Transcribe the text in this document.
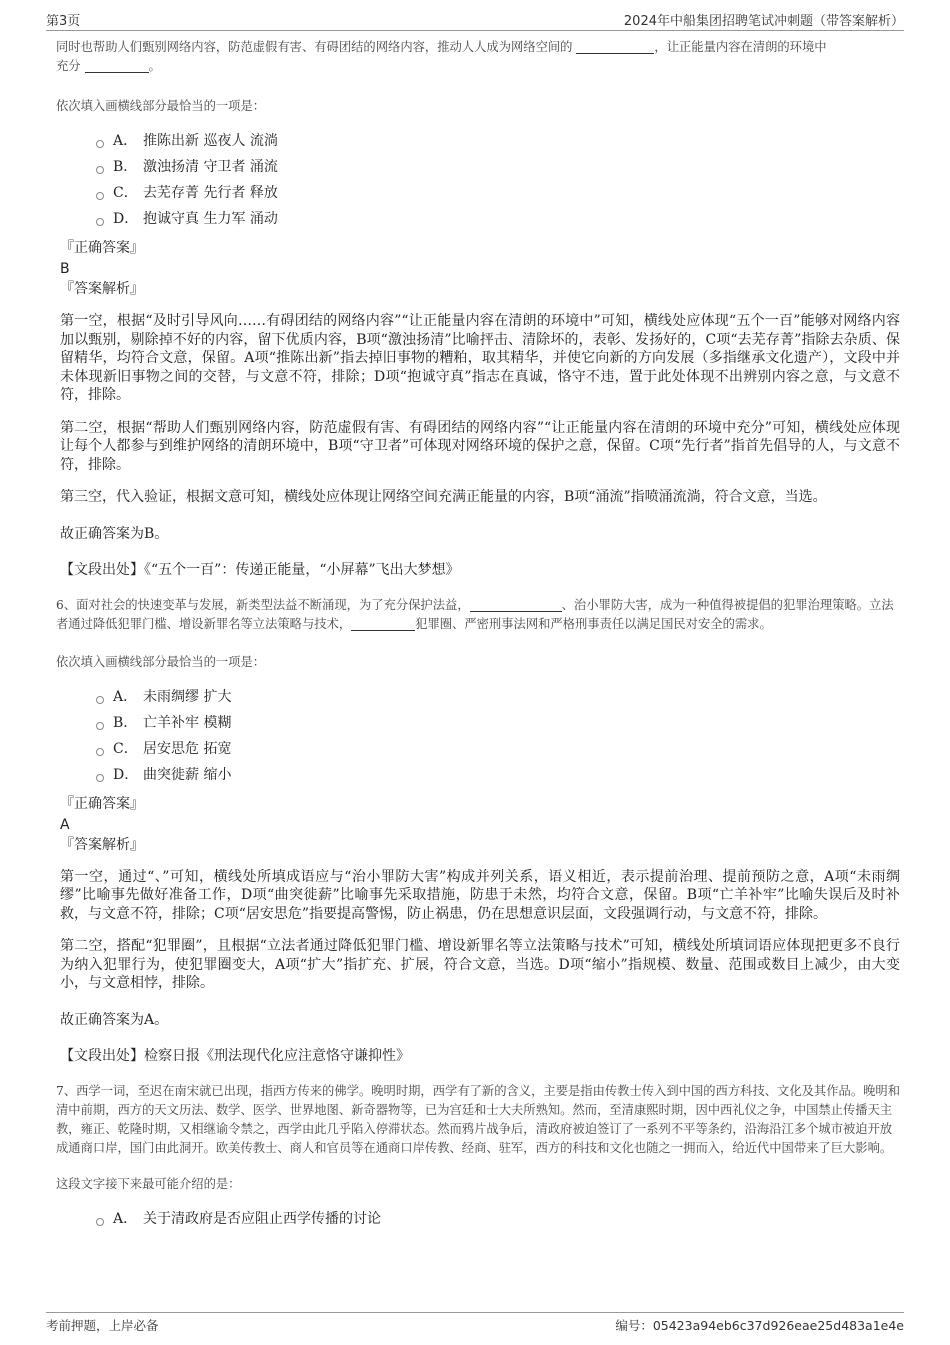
第3页	2024年中船集团招聘笔试冲刺题（带答案解析）

同时也帮助人们甄别网络内容，防范虚假有害、有碍团结的网络内容，推动人人成为网络空间的	，让正能量内容在清朗的环境中
充分	。

依次填入画横线部分最恰当的一项是：

A． 推陈出新 巡夜人 流淌
B． 激浊扬清 守卫者 涌流
C． 去芜存菁 先行者 释放
D． 抱诚守真 生力军 涌动
『正确答案』
B
『答案解析』

第一空，根据“及时引导风向……有碍团结的网络内容”“让正能量内容在清朗的环境中”可知，横线处应体现“五个一百”能够对网络内容加以甄别，剔除掉不好的内容，留下优质内容，B项“激浊扬清”比喻抨击、清除坏的，表彰、发扬好的，C项“去芜存菁”指除去杂质、保留精华，均符合文意，保留。A项“推陈出新”指去掉旧事物的糟粕，取其精华，并使它向新的方向发展（多指继承文化遗产），文段中并未体现新旧事物之间的交替，与文意不符，排除；D项“抱诚守真”指志在真诚，恪守不违，置于此处体现不出辨别内容之意，与文意不符，排除。

第二空，根据“帮助人们甄别网络内容，防范虚假有害、有碍团结的网络内容”“让正能量内容在清朗的环境中充分”可知，横线处应体现让每个人都参与到维护网络的清朗环境中，B项“守卫者”可体现对网络环境的保护之意，保留。C项“先行者”指首先倡导的人，与文意不符，排除。

第三空，代入验证，根据文意可知，横线处应体现让网络空间充满正能量的内容，B项“涌流”指喷涌流淌，符合文意，当选。

故正确答案为B。

【文段出处】《“五个一百”：传递正能量，“小屏幕”飞出大梦想》

6、面对社会的快速变革与发展，新类型法益不断涌现，为了充分保护法益，	、治小罪防大害，成为一种值得被提倡的犯罪治理策略。立法者通过降低犯罪门槛、增设新罪名等立法策略与技术，	犯罪圈、严密刑事法网和严格刑事责任以满足国民对安全的需求。

依次填入画横线部分最恰当的一项是：

A． 未雨绸缪 扩大
B． 亡羊补牢 模糊
C． 居安思危 拓宽
D． 曲突徙薪 缩小
『正确答案』
A
『答案解析』

第一空，通过“、”可知，横线处所填成语应与“治小罪防大害”构成并列关系，语义相近，表示提前治理、提前预防之意，A项“未雨绸缪”比喻事先做好准备工作，D项“曲突徙薪”比喻事先采取措施，防患于未然，均符合文意，保留。B项“亡羊补牢”比喻失误后及时补救，与文意不符，排除；C项“居安思危”指要提高警惕，防止祸患，仍在思想意识层面，文段强调行动，与文意不符，排除。

第二空，搭配“犯罪圈”，且根据“立法者通过降低犯罪门槛、增设新罪名等立法策略与技术”可知，横线处所填词语应体现把更多不良行为纳入犯罪行为，使犯罪圈变大，A项“扩大”指扩充、扩展，符合文意，当选。D项“缩小”指规模、数量、范围或数目上减少，由大变小，与文意相悖，排除。

故正确答案为A。

【文段出处】检察日报《刑法现代化应注意恪守谦抑性》

7、西学一词，至迟在南宋就已出现，指西方传来的佛学。晚明时期，西学有了新的含义，主要是指由传教士传入到中国的西方科技、文化及其作品。晚明和清中前期，西方的天文历法、数学、医学、世界地图、新奇器物等，已为宫廷和士大夫所熟知。然而，至清康熙时期，因中西礼仪之争，中国禁止传播天主教，雍正、乾隆时期，又相继谕令禁之，西学由此几乎陷入停滞状态。然而鸦片战争后，清政府被迫签订了一系列不平等条约，沿海沿江多个城市被迫开放成通商口岸，国门由此洞开。欧美传教士、商人和官员等在通商口岸传教、经商、驻军，西方的科技和文化也随之一拥而入，给近代中国带来了巨大影响。

这段文字接下来最可能介绍的是：

A． 关于清政府是否应阻止西学传播的讨论
考前押题，上岸必备	编号：05423a94eb6c37d926eae25d483a1e4e
